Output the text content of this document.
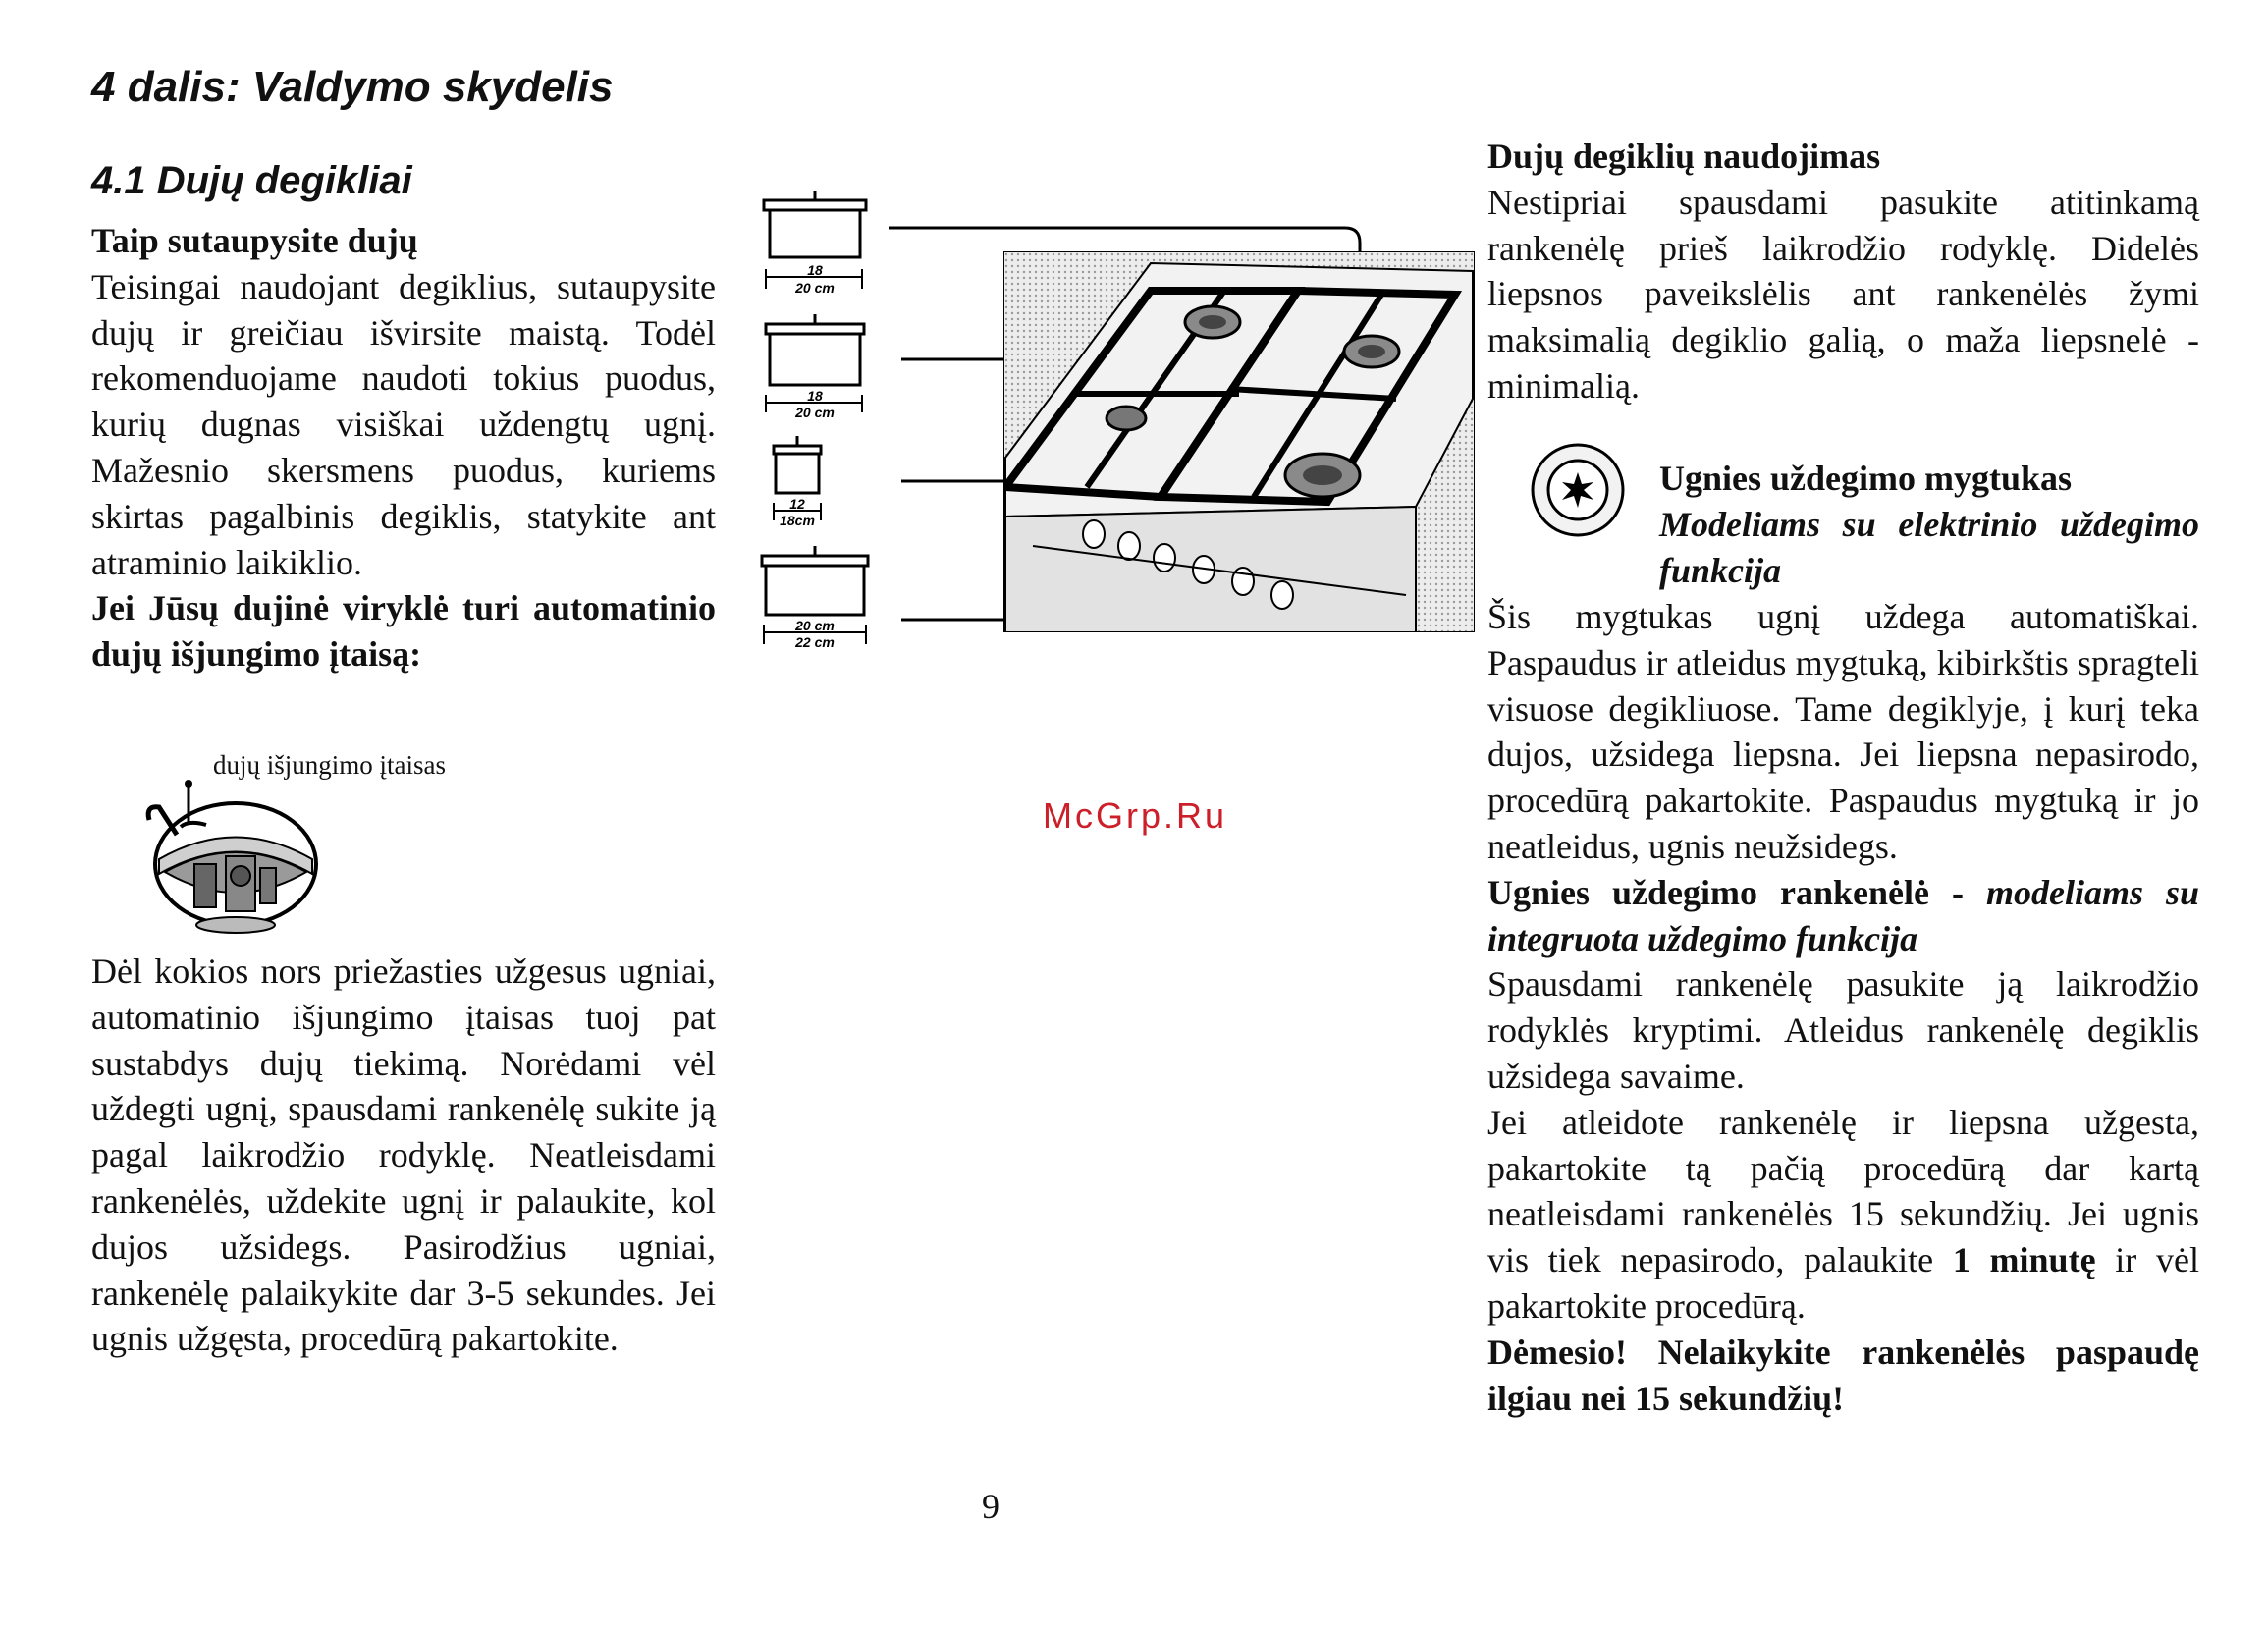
4 dalis: Valdymo skydelis
4.1 Dujų degikliai

Taip sutaupysite dujų

Teisingai naudojant degiklius, sutaupysite dujų ir greičiau išvirsite maistą. Todėl rekomenduojame naudoti tokius puodus, kurių dugnas visiškai uždengtų ugnį. Mažesnio skersmens puodus, kuriems skirtas pagalbinis degiklis, statykite ant atraminio laikiklio.

Jei Jūsų dujinė viryklė turi automatinio dujų išjungimo įtaisą:

dujų išjungimo įtaisas

Dėl kokios nors priežasties užgesus ugniai, automatinio išjungimo įtaisas tuoj pat sustabdys dujų tiekimą. Norėdami vėl uždegti ugnį, spausdami rankenėlę sukite ją pagal laikrodžio rodyklę. Neatleisdami rankenėlės, uždekite ugnį ir palaukite, kol dujos užsidegs. Pasirodžius ugniai, rankenėlę palaikykite dar 3-5 sekundes. Jei ugnis užgęsta, procedūrą pakartokite.

18
20 cm
18
20 cm
12
18cm
20 cm
22 cm
McGrp.Ru

Dujų degiklių naudojimas

Nestipriai spausdami pasukite atitinkamą rankenėlę prieš laikrodžio rodyklę. Didelės liepsnos paveikslėlis ant rankenėlės žymi maksimalią degiklio galią, o maža liepsnelė - minimalią.

Ugnies uždegimo mygtukas

Modeliams su elektrinio uždegimo funkcija

Šis mygtukas ugnį uždega automatiškai. Paspaudus ir atleidus mygtuką, kibirkštis spragteli visuose degikliuose. Tame degiklyje, į kurį teka dujos, užsidega liepsna. Jei liepsna nepasirodo, procedūrą pakartokite. Paspaudus mygtuką ir jo neatleidus, ugnis neužsidegs.

Ugnies uždegimo rankenėlė - modeliams su integruota uždegimo funkcija

Spausdami rankenėlę pasukite ją laikrodžio rodyklės kryptimi. Atleidus rankenėlę degiklis užsidega savaime.

Jei atleidote rankenėlę ir liepsna užgesta, pakartokite tą pačią procedūrą dar kartą neatleisdami rankenėlės 15 sekundžių. Jei ugnis vis tiek nepasirodo, palaukite 1 minutę ir vėl pakartokite procedūrą.

Dėmesio! Nelaikykite rankenėlės paspaudę ilgiau nei 15 sekundžių!

9
